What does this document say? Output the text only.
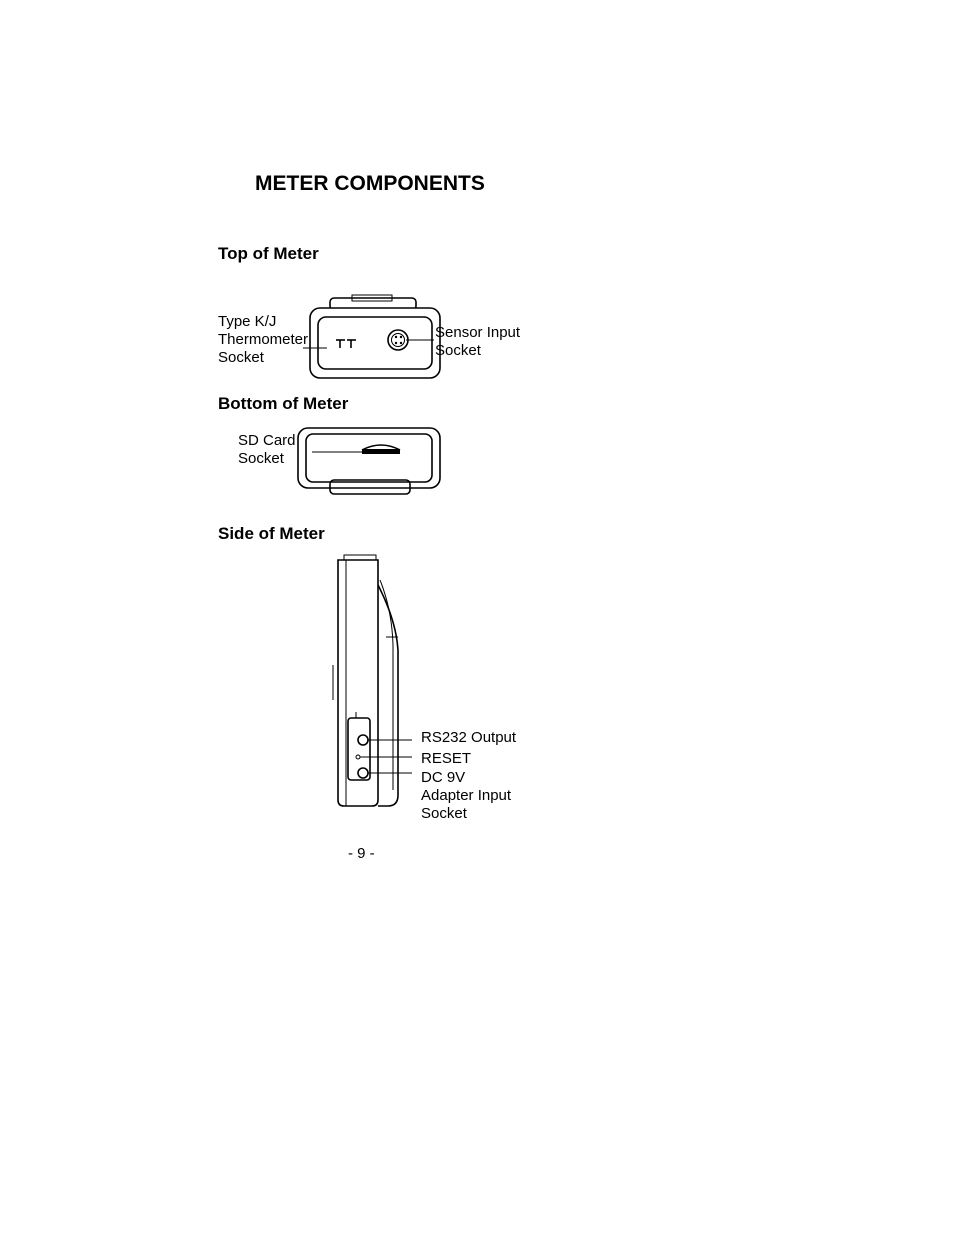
METER COMPONENTS
Top of Meter
Type K/J
Thermometer
Socket
Sensor Input
Socket
Bottom of Meter
SD Card
Socket
Side of Meter
RS232 Output
RESET
DC 9V
Adapter Input
Socket
- 9 -
